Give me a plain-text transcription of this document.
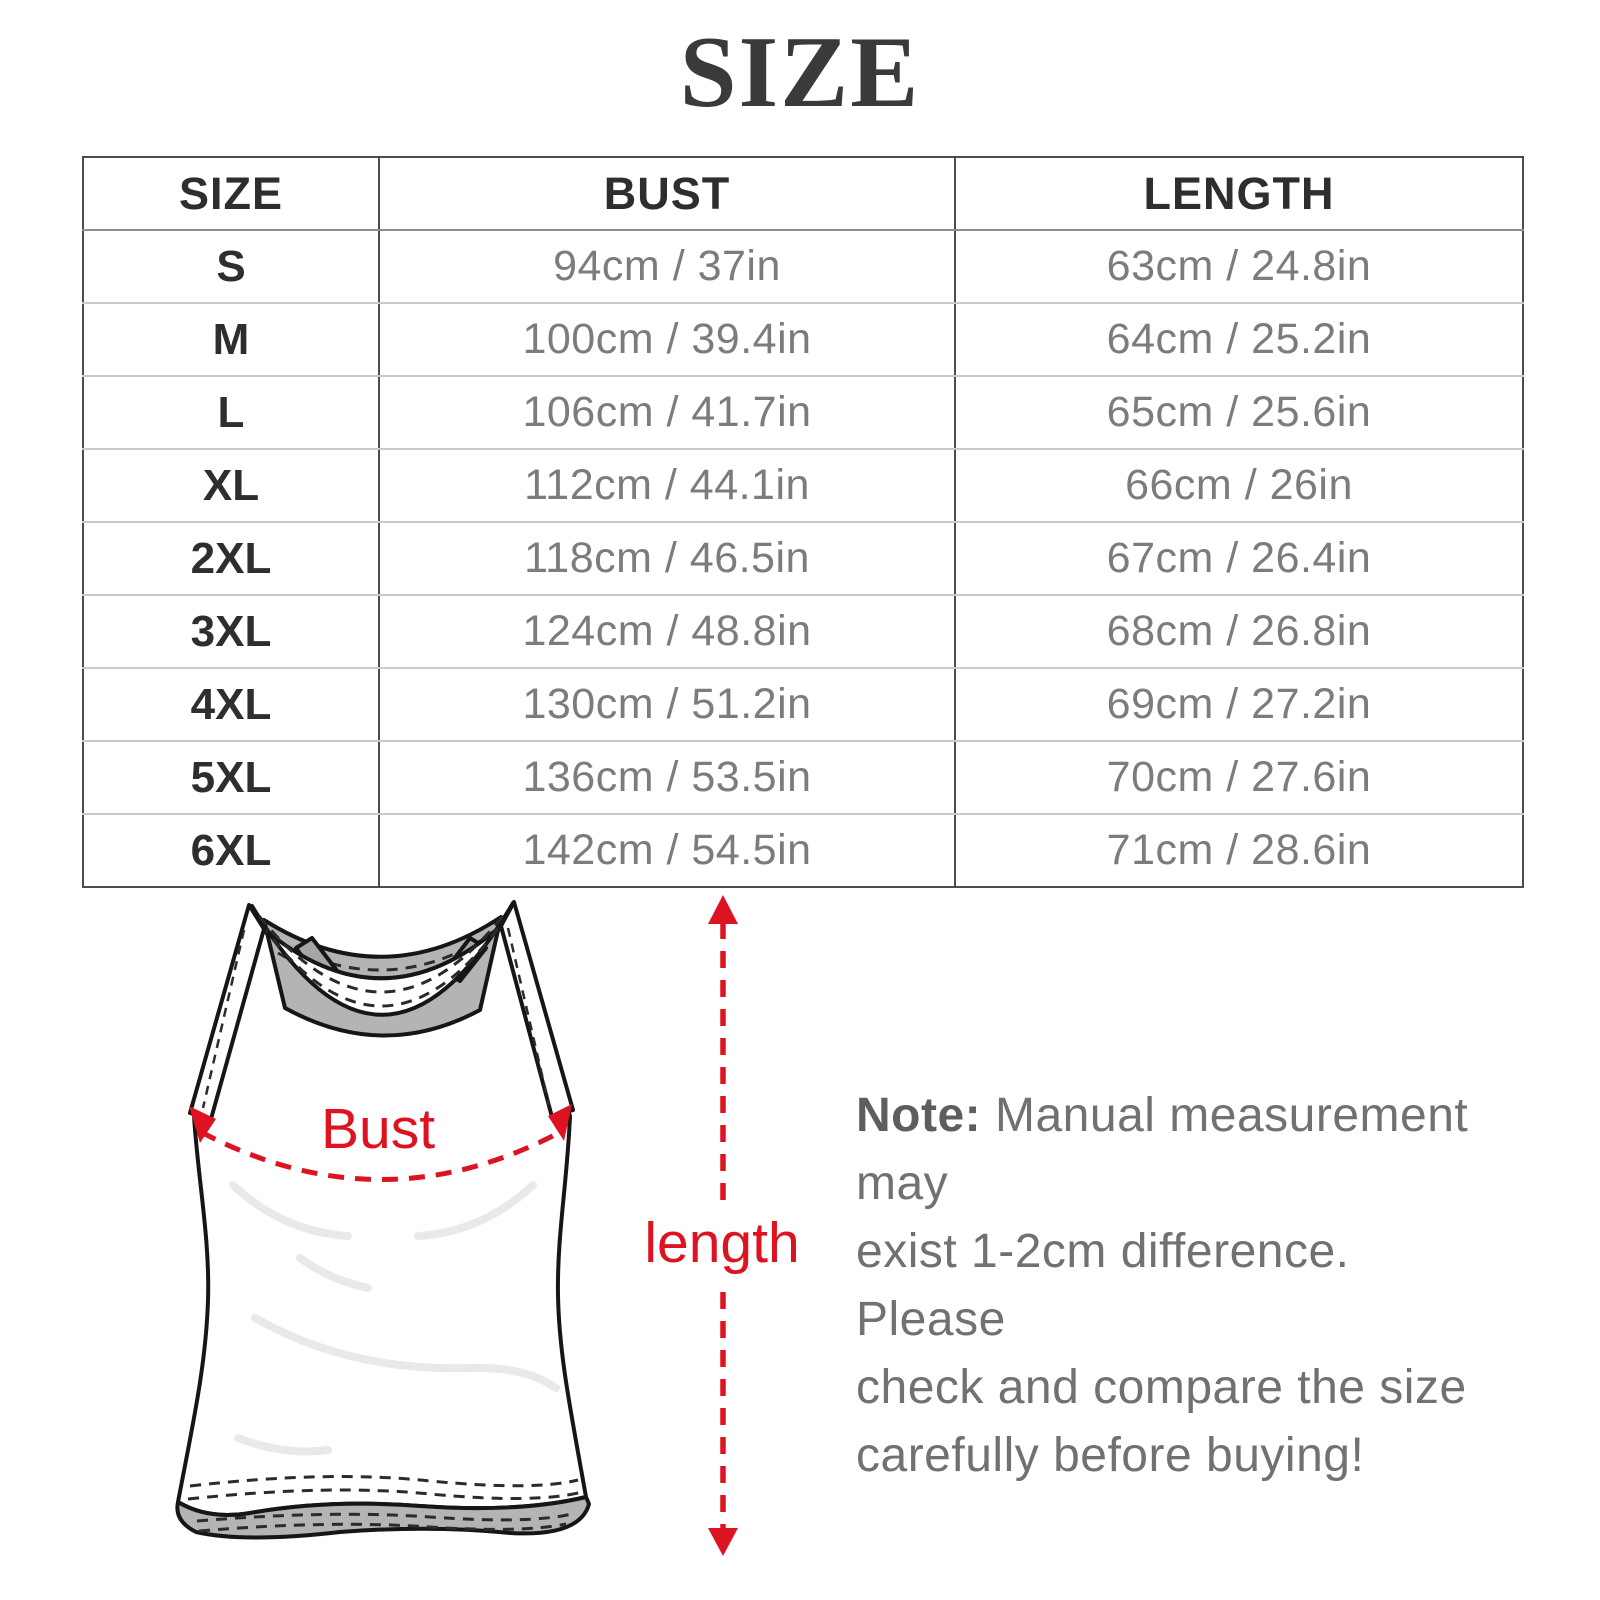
SIZE
SIZE	BUST	LENGTH
S	94cm / 37in	63cm / 24.8in
M	100cm / 39.4in	64cm / 25.2in
L	106cm / 41.7in	65cm / 25.6in
XL	112cm / 44.1in	66cm / 26in
2XL	118cm / 46.5in	67cm / 26.4in
3XL	124cm / 48.8in	68cm / 26.8in
4XL	130cm / 51.2in	69cm / 27.2in
5XL	136cm / 53.5in	70cm / 27.6in
6XL	142cm / 54.5in	71cm / 28.6in
Bust
length
Note: Manual measurement may
exist 1-2cm difference. Please
check and compare the size
carefully before buying!
